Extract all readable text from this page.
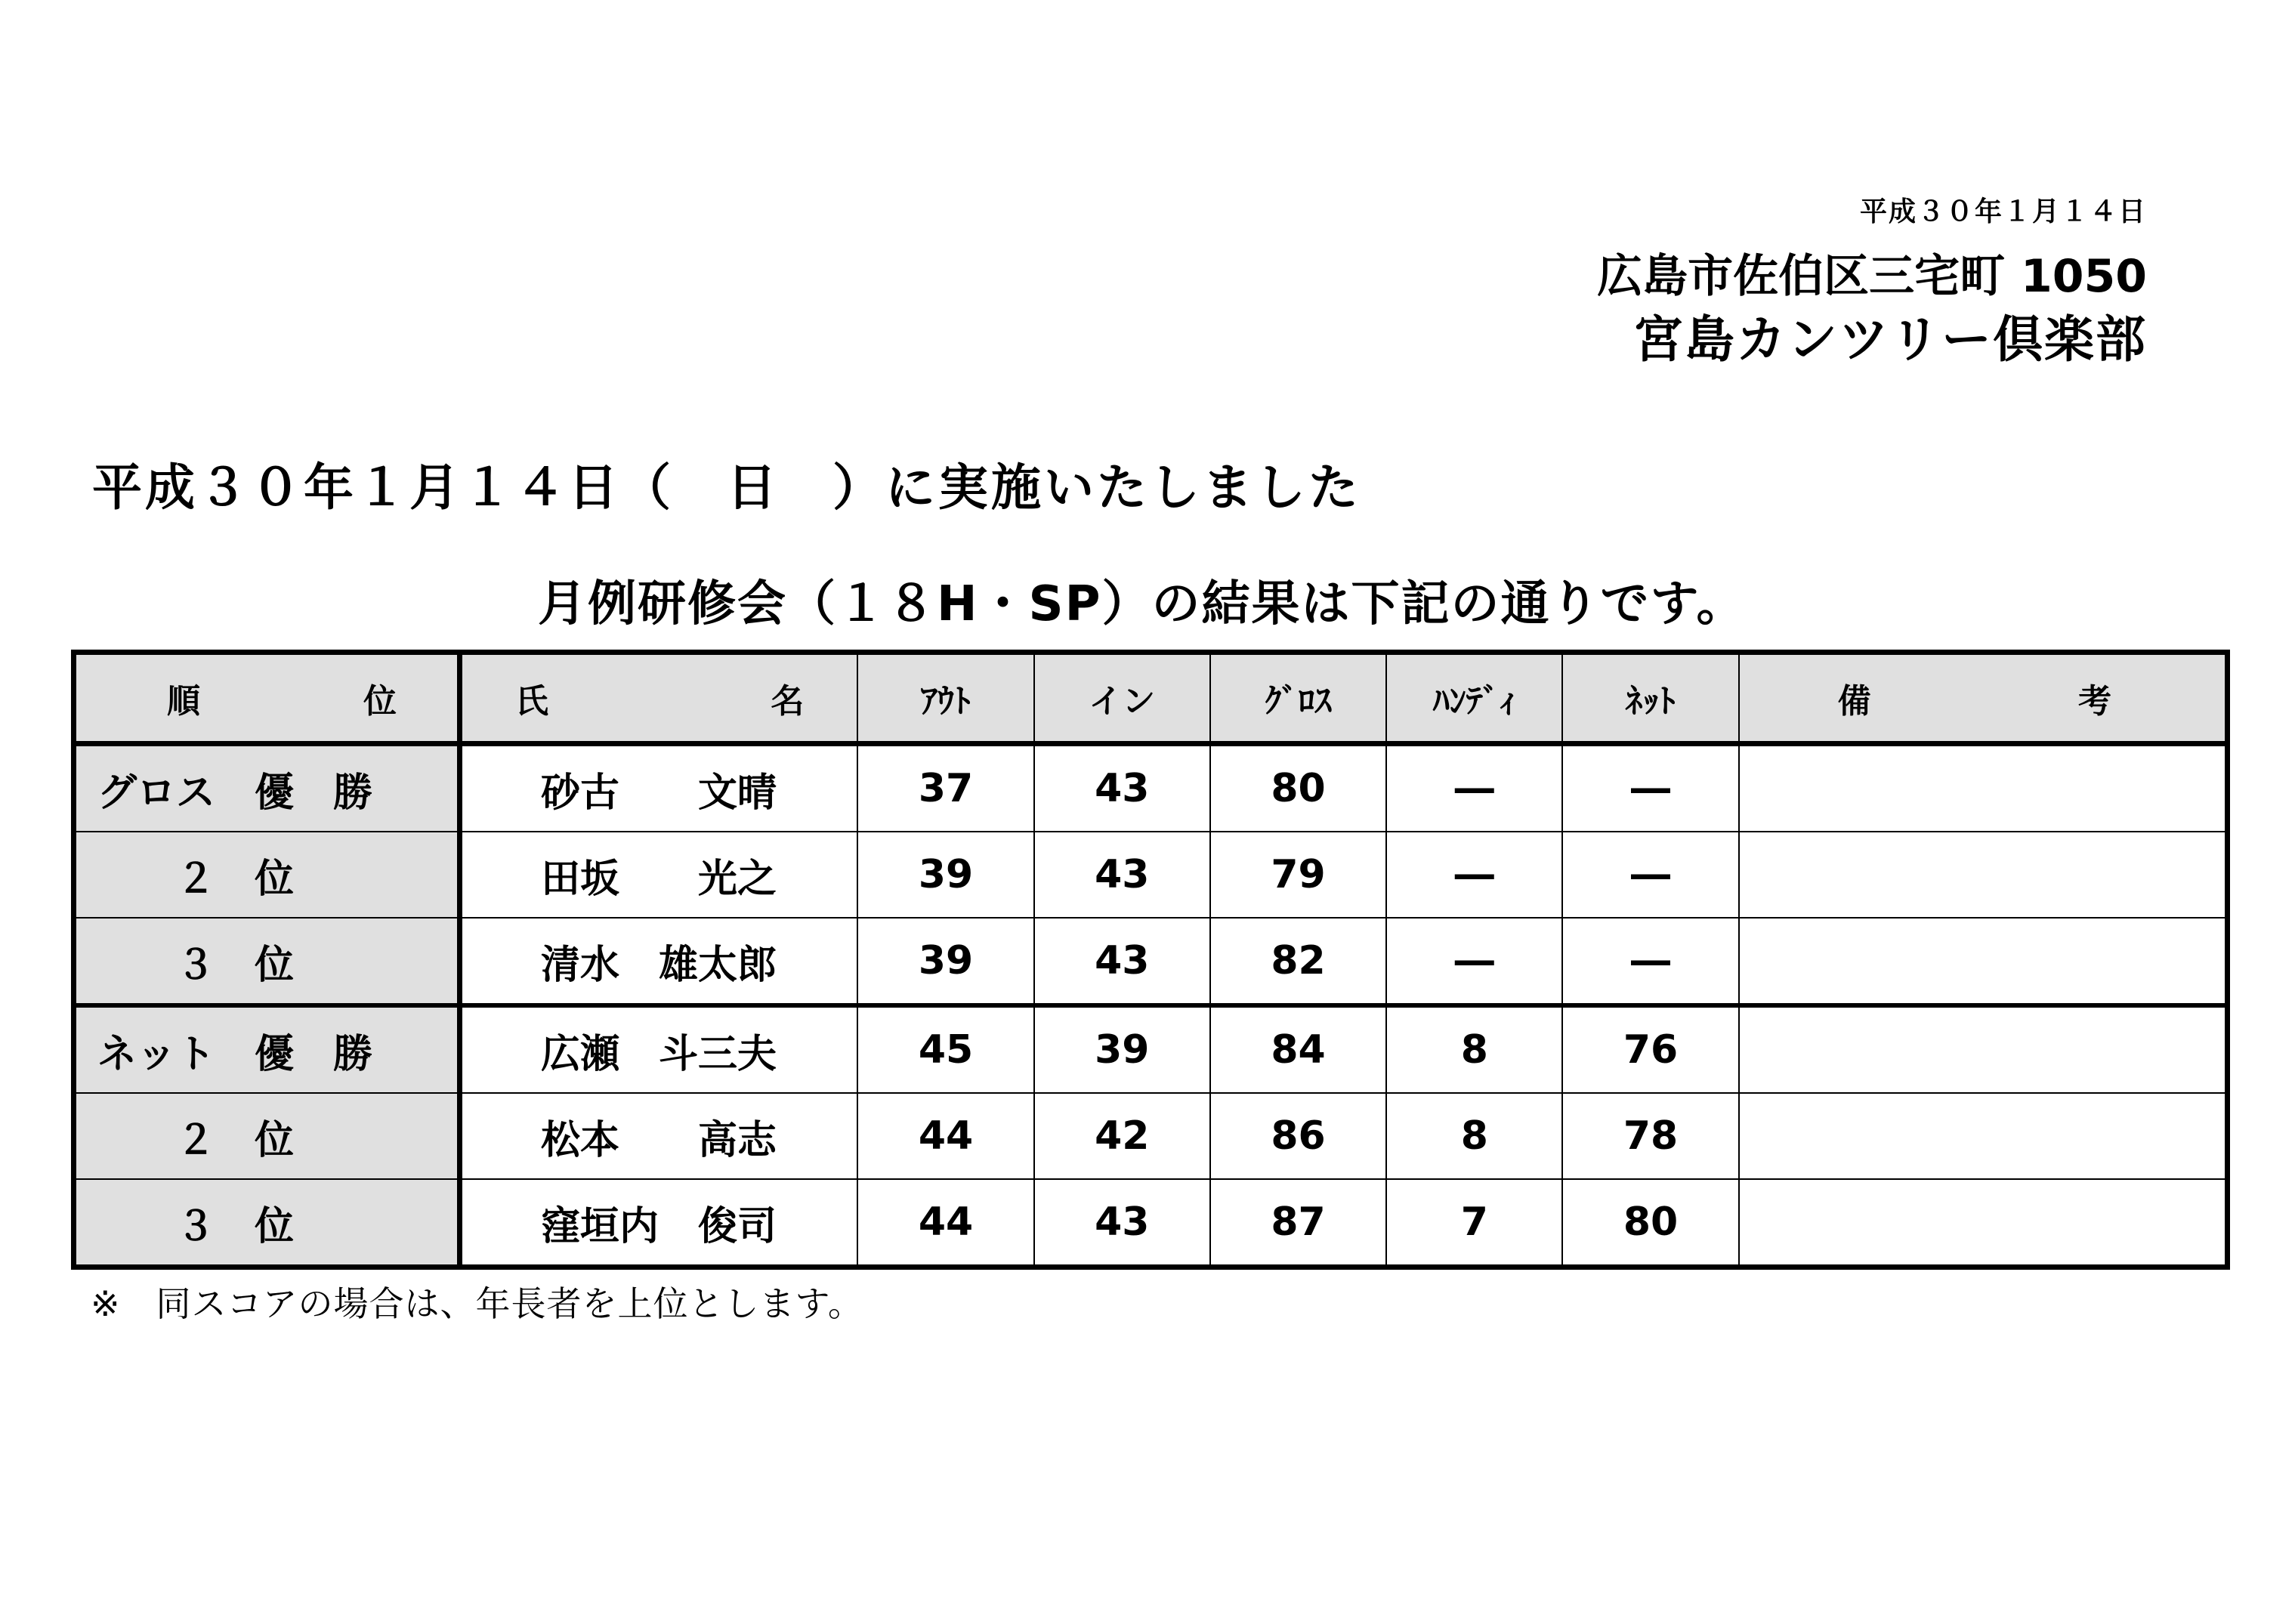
平成３０年１月１４日
広島市佐伯区三宅町 1050
宮島カンツリー倶楽部
平成３０年１月１４日（　日　）に実施いたしました
月例研修会（１８H・SP）の結果は下記の通りです。
順 位	氏 名	ｱｳﾄ	イン	ｸﾞﾛｽ	ﾊﾝﾃﾞｨ	ﾈｯﾄ	備 考

グロス　優　勝	砂古　　文晴	37	43	80	―	―	
　　２　位	田坂　　光之	39	43	79	―	―	
　　３　位	清水　雄太郎	39	43	82	―	―	
ネット　優　勝	広瀬　斗三夫	45	39	84	8	76	
　　２　位	松本　　高志	44	42	86	8	78	
　　３　位	窪垣内　俊司	44	43	87	7	80	
※　同スコアの場合は、年長者を上位とします。
